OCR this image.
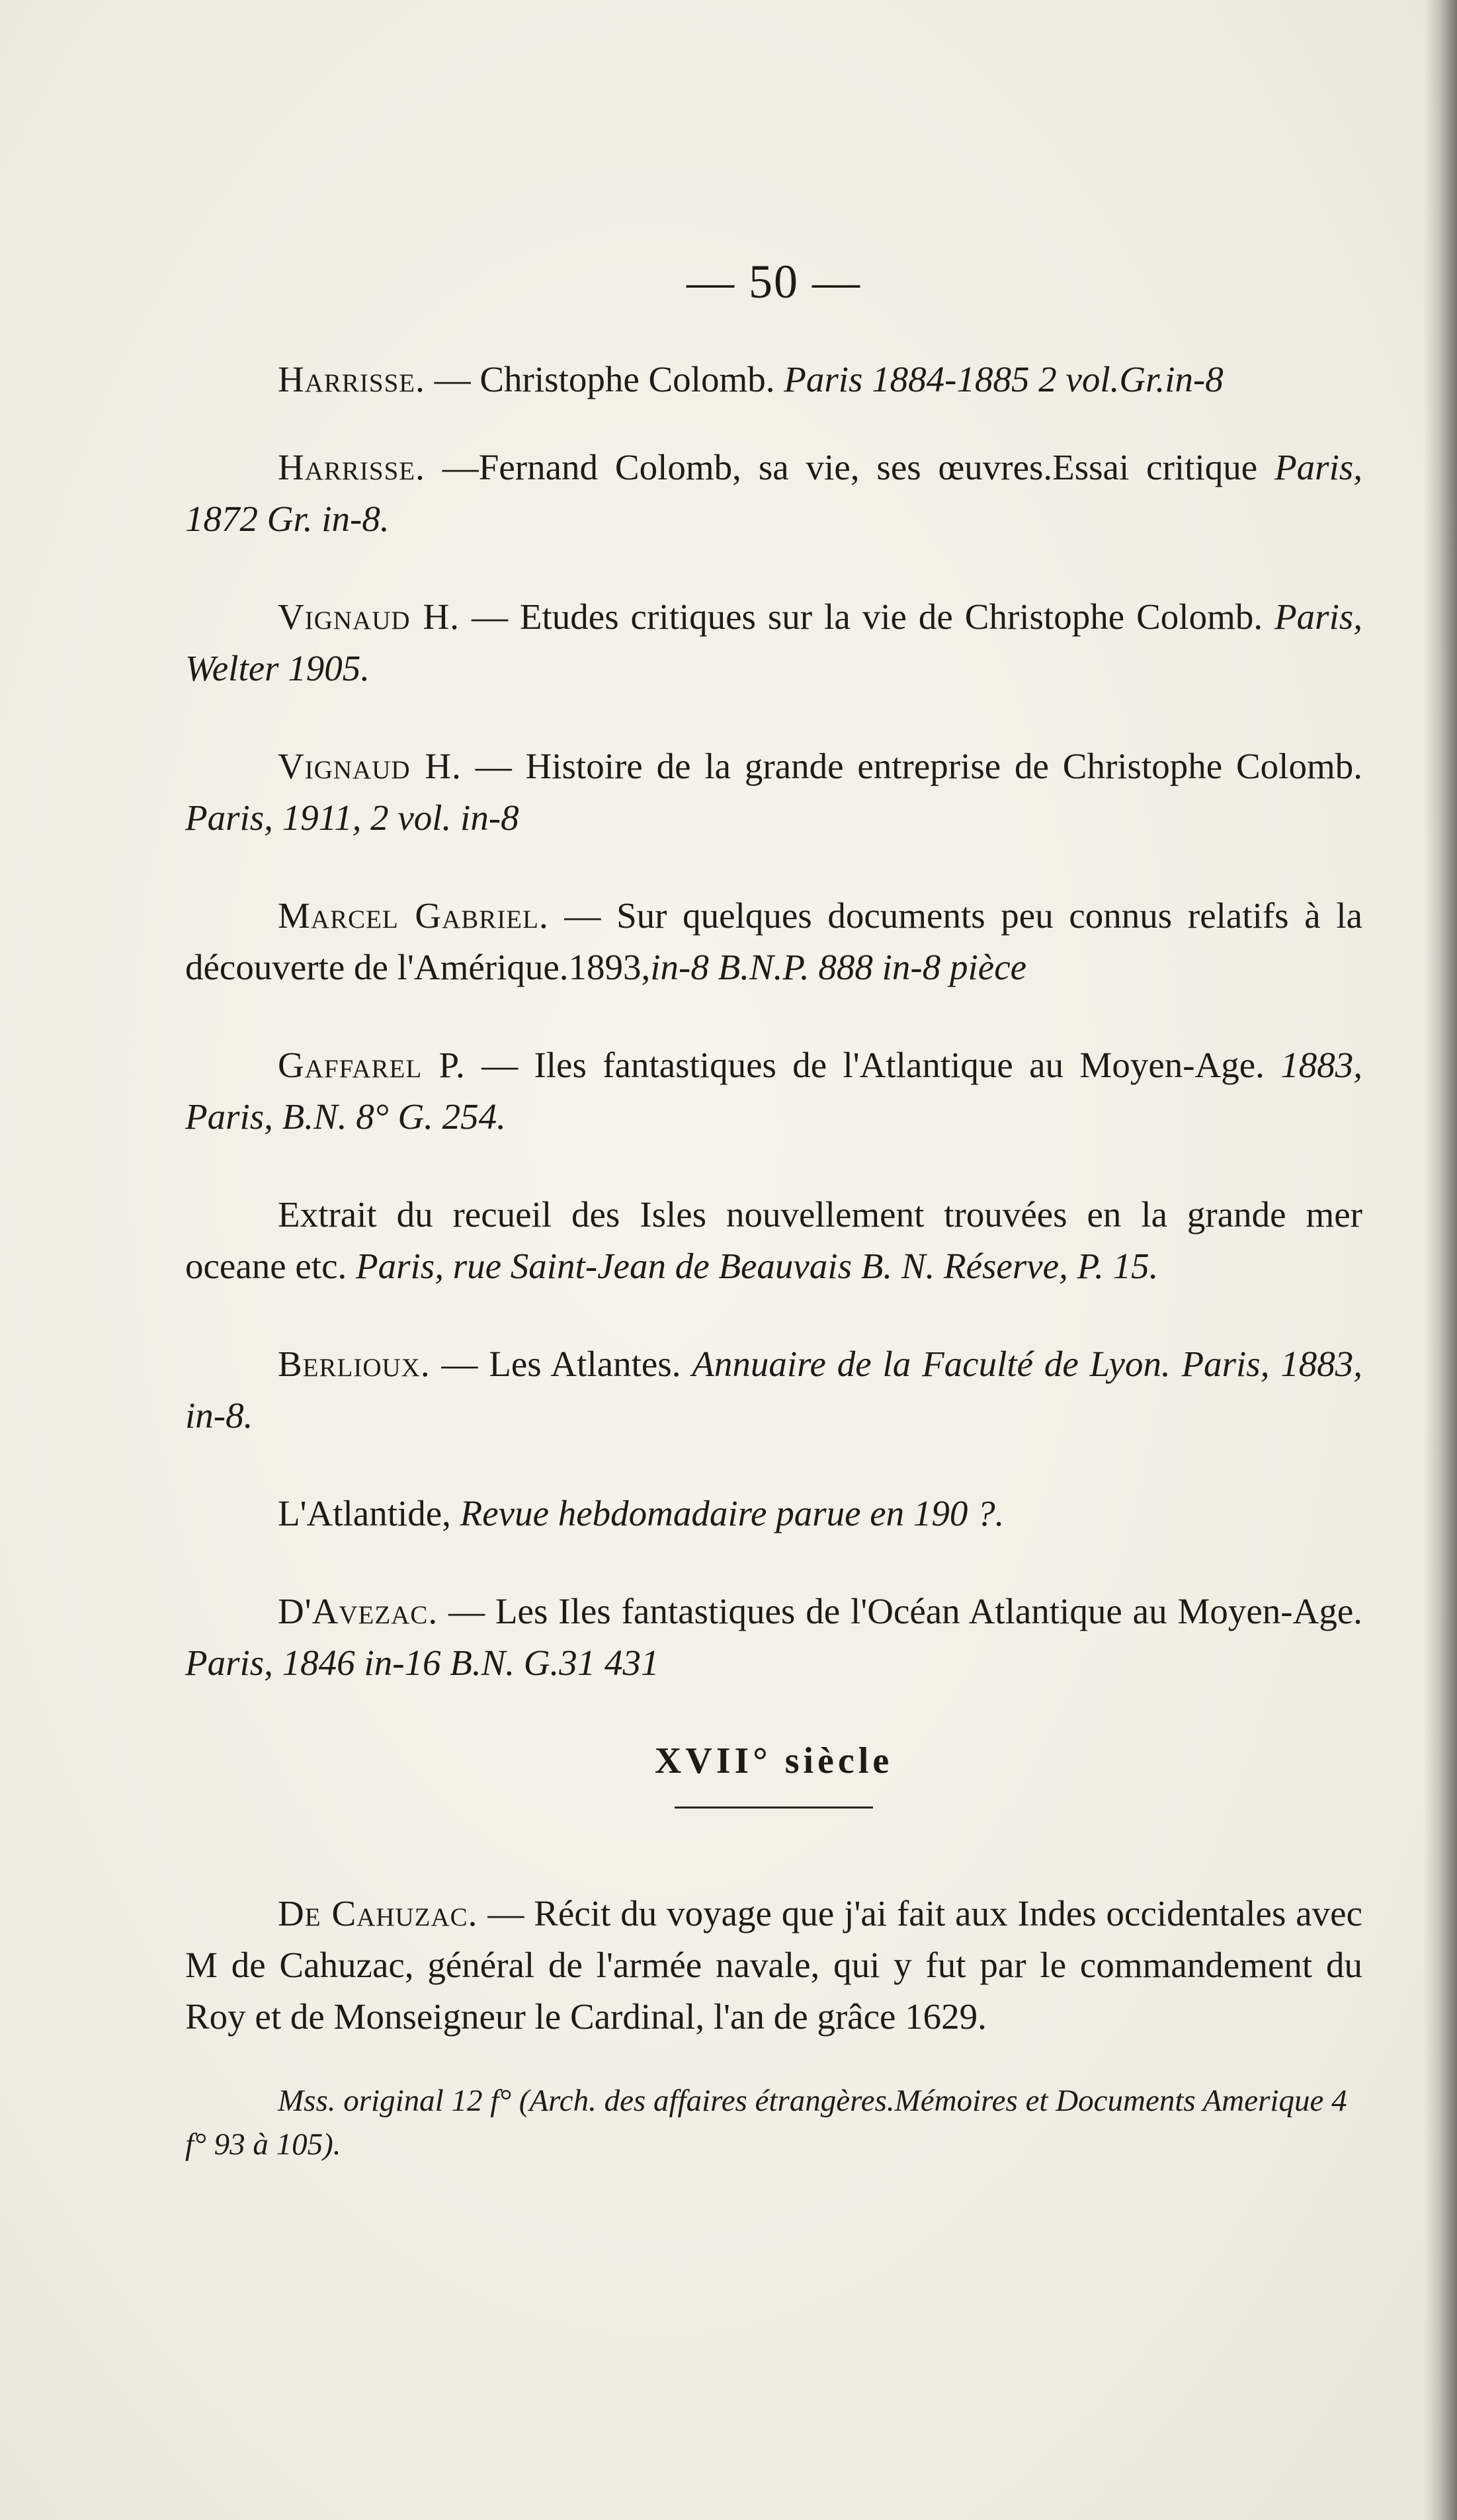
— 50 —

Harrisse. — Christophe Colomb. Paris 1884-1885 2 vol.Gr.in-8

Harrisse. —Fernand Colomb, sa vie, ses œuvres.Essai critique Paris, 1872 Gr. in-8.

Vignaud H. — Etudes critiques sur la vie de Christophe Colomb. Paris, Welter 1905.

Vignaud H. — Histoire de la grande entreprise de Christophe Colomb. Paris, 1911, 2 vol. in-8

Marcel Gabriel. — Sur quelques documents peu connus relatifs à la découverte de l'Amérique.1893,in-8 B.N.P. 888 in-8 pièce

Gaffarel P. — Iles fantastiques de l'Atlantique au Moyen-Age. 1883, Paris, B.N. 8° G. 254.

Extrait du recueil des Isles nouvellement trouvées en la grande mer oceane etc. Paris, rue Saint-Jean de Beauvais B. N. Réserve, P. 15.

Berlioux. — Les Atlantes. Annuaire de la Faculté de Lyon. Paris, 1883, in-8.

L'Atlantide, Revue hebdomadaire parue en 190 ?.

D'Avezac. — Les Iles fantastiques de l'Océan Atlantique au Moyen-Age. Paris, 1846 in-16 B.N. G.31 431

XVII° siècle

De Cahuzac. — Récit du voyage que j'ai fait aux Indes occidentales avec M de Cahuzac, général de l'armée navale, qui y fut par le commandement du Roy et de Monseigneur le Cardinal, l'an de grâce 1629.

Mss. original 12 f° (Arch. des affaires étrangères.Mémoires et Documents Amerique 4 f° 93 à 105).
